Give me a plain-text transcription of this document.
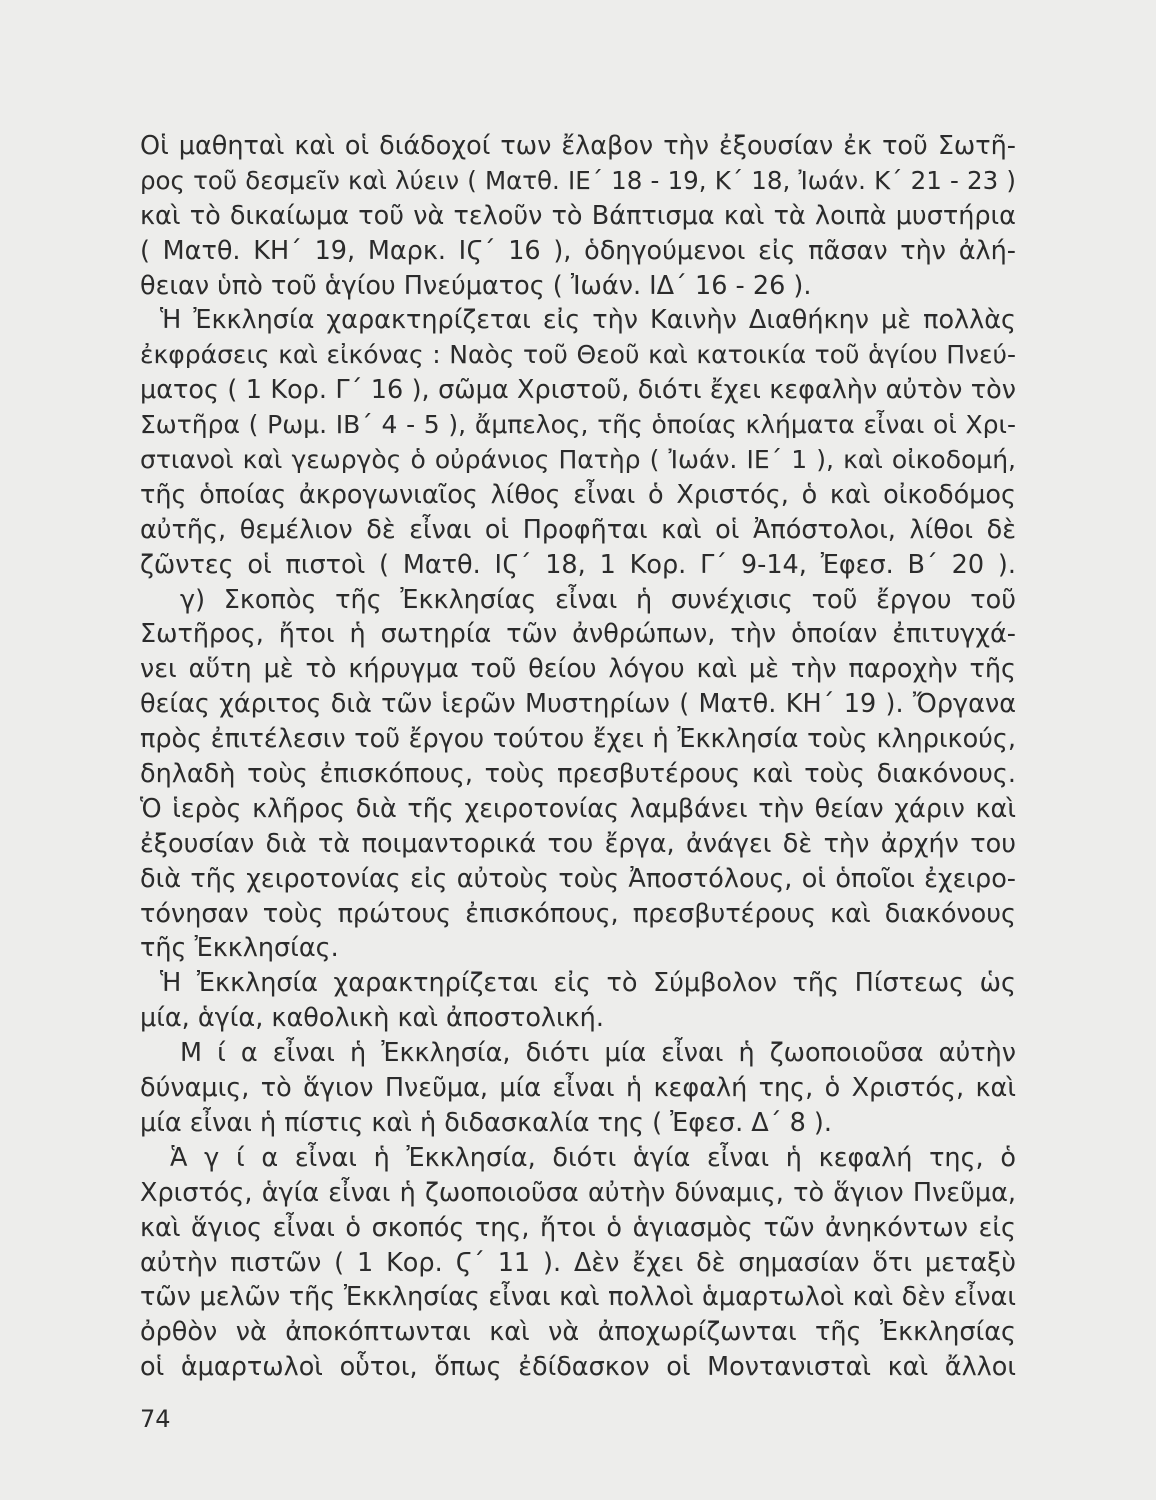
Οἱ μαθηταὶ καὶ οἱ διάδοχοί των ἔλαβον τὴν ἐξουσίαν ἐκ τοῦ Σωτῆ-
ρος τοῦ δεσμεῖν καὶ λύειν ( Ματθ. ΙΕ΄ 18 - 19, Κ΄ 18, Ἰωάν. Κ΄ 21 - 23 )
καὶ τὸ δικαίωμα τοῦ νὰ τελοῦν τὸ Βάπτισμα καὶ τὰ λοιπὰ μυστήρια
( Ματθ. ΚΗ΄ 19, Μαρκ. ΙϚ΄ 16 ), ὁδηγούμενοι εἰς πᾶσαν τὴν ἀλή-
θειαν ὑπὸ τοῦ ἁγίου Πνεύματος ( Ἰωάν. ΙΔ΄ 16 - 26 ).
Ἡ Ἐκκλησία χαρακτηρίζεται εἰς τὴν Καινὴν Διαθήκην μὲ πολλὰς
ἐκφράσεις καὶ εἰκόνας : Ναὸς τοῦ Θεοῦ καὶ κατοικία τοῦ ἁγίου Πνεύ-
ματος ( 1 Κορ. Γ΄ 16 ), σῶμα Χριστοῦ, διότι ἔχει κεφαλὴν αὐτὸν τὸν
Σωτῆρα ( Ρωμ. ΙΒ΄ 4 - 5 ), ἄμπελος, τῆς ὁποίας κλήματα εἶναι οἱ Χρι-
στιανοὶ καὶ γεωργὸς ὁ οὐράνιος Πατὴρ ( Ἰωάν. ΙΕ΄ 1 ), καὶ οἰκοδομή,
τῆς ὁποίας ἀκρογωνιαῖος λίθος εἶναι ὁ Χριστός, ὁ καὶ οἰκοδόμος
αὐτῆς, θεμέλιον δὲ εἶναι οἱ Προφῆται καὶ οἱ Ἀπόστολοι, λίθοι δὲ
ζῶντες οἱ πιστοὶ ( Ματθ. ΙϚ΄ 18, 1 Κορ. Γ΄ 9-14, Ἐφεσ. Β΄ 20 ).
γ) Σκοπὸς τῆς Ἐκκλησίας εἶναι ἡ συνέχισις τοῦ ἔργου τοῦ
Σωτῆρος, ἤτοι ἡ σωτηρία τῶν ἀνθρώπων, τὴν ὁποίαν ἐπιτυγχά-
νει αὕτη μὲ τὸ κήρυγμα τοῦ θείου λόγου καὶ μὲ τὴν παροχὴν τῆς
θείας χάριτος διὰ τῶν ἱερῶν Μυστηρίων ( Ματθ. ΚΗ΄ 19 ). Ὄργανα
πρὸς ἐπιτέλεσιν τοῦ ἔργου τούτου ἔχει ἡ Ἐκκλησία τοὺς κληρικούς,
δηλαδὴ τοὺς ἐπισκόπους, τοὺς πρεσβυτέρους καὶ τοὺς διακόνους.
Ὁ ἱερὸς κλῆρος διὰ τῆς χειροτονίας λαμβάνει τὴν θείαν χάριν καὶ
ἐξουσίαν διὰ τὰ ποιμαντορικά του ἔργα, ἀνάγει δὲ τὴν ἀρχήν του
διὰ τῆς χειροτονίας εἰς αὐτοὺς τοὺς Ἀποστόλους, οἱ ὁποῖοι ἐχειρο-
τόνησαν τοὺς πρώτους ἐπισκόπους, πρεσβυτέρους καὶ διακόνους
τῆς Ἐκκλησίας.
Ἡ Ἐκκλησία χαρακτηρίζεται εἰς τὸ Σύμβολον τῆς Πίστεως ὡς
μία, ἁγία, καθολικὴ καὶ ἀποστολική.
Μ ί α εἶναι ἡ Ἐκκλησία, διότι μία εἶναι ἡ ζωοποιοῦσα αὐτὴν
δύναμις, τὸ ἅγιον Πνεῦμα, μία εἶναι ἡ κεφαλή της, ὁ Χριστός, καὶ
μία εἶναι ἡ πίστις καὶ ἡ διδασκαλία της ( Ἐφεσ. Δ΄ 8 ).
Ἁ γ ί α εἶναι ἡ Ἐκκλησία, διότι ἁγία εἶναι ἡ κεφαλή της, ὁ
Χριστός, ἁγία εἶναι ἡ ζωοποιοῦσα αὐτὴν δύναμις, τὸ ἅγιον Πνεῦμα,
καὶ ἅγιος εἶναι ὁ σκοπός της, ἤτοι ὁ ἁγιασμὸς τῶν ἀνηκόντων εἰς
αὐτὴν πιστῶν ( 1 Κορ. Ϛ΄ 11 ). Δὲν ἔχει δὲ σημασίαν ὅτι μεταξὺ
τῶν μελῶν τῆς Ἐκκλησίας εἶναι καὶ πολλοὶ ἁμαρτωλοὶ καὶ δὲν εἶναι
ὀρθὸν νὰ ἀποκόπτωνται καὶ νὰ ἀποχωρίζωνται τῆς Ἐκκλησίας
οἱ ἁμαρτωλοὶ οὗτοι, ὅπως ἐδίδασκον οἱ Μοντανισταὶ καὶ ἄλλοι
74
